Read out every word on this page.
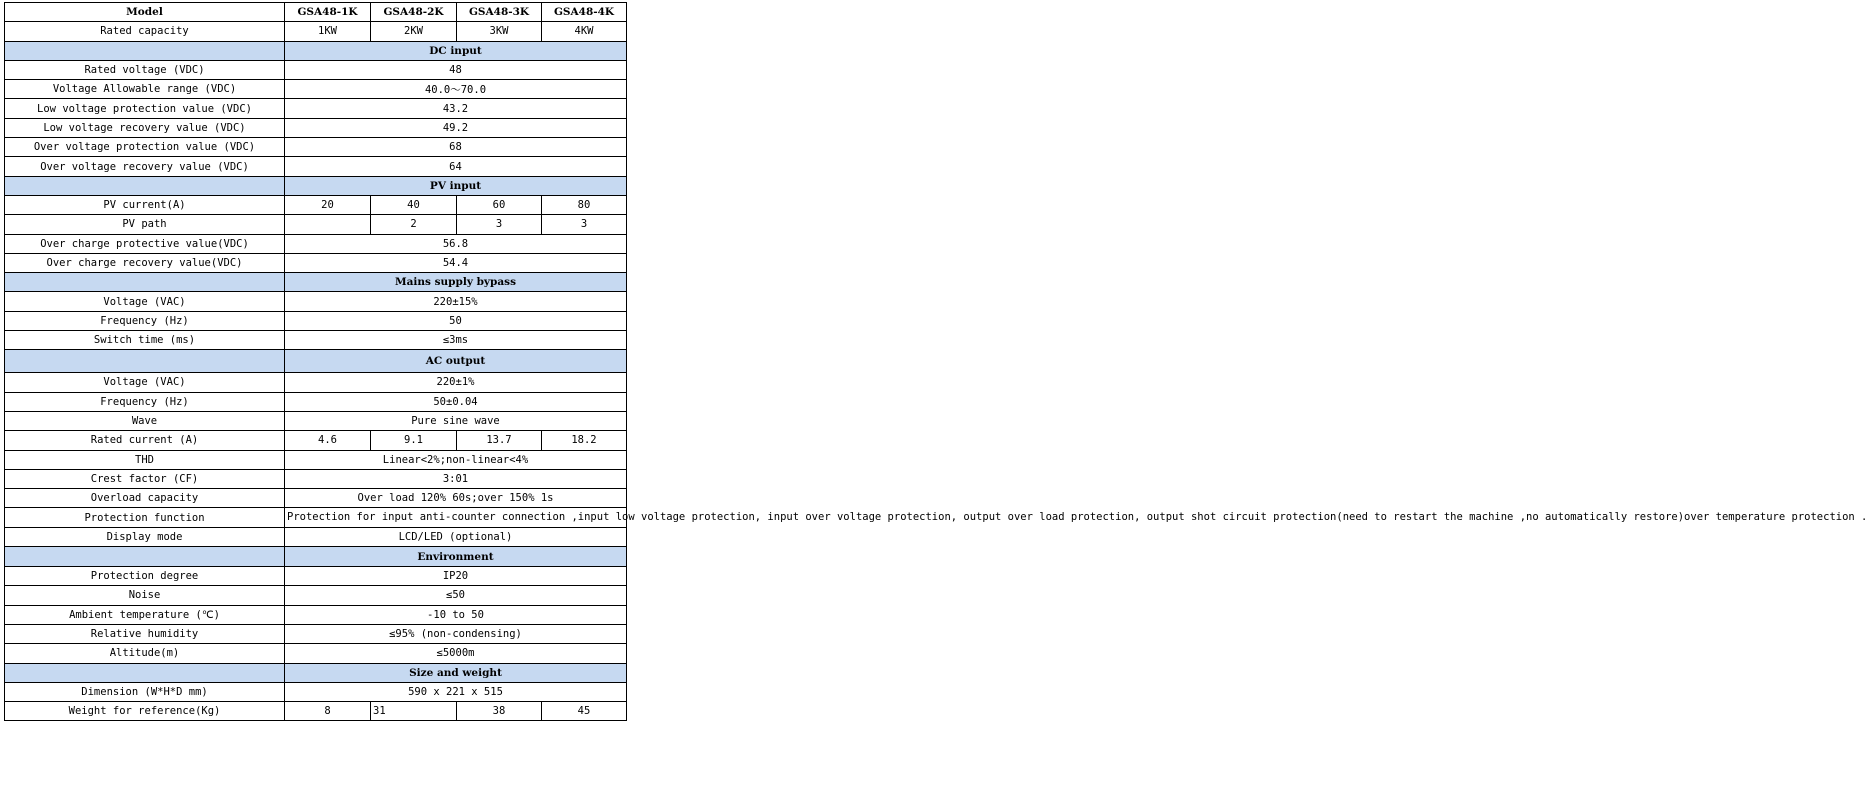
Model	GSA48-1K	GSA48-2K	GSA48-3K	GSA48-4K
Rated capacity	1KW	2KW	3KW	4KW
	DC input			
Rated voltage (VDC)	48			
Voltage Allowable range (VDC)	40.0～70.0			
Low voltage protection value (VDC)	43.2			
Low voltage recovery value (VDC)	49.2			
Over voltage protection value (VDC)	68			
Over voltage recovery value (VDC)	64			
	PV input			
PV current(A)	20	40	60	80
PV path		2	3	3
Over charge protective value(VDC)	56.8			
Over charge recovery value(VDC)	54.4			
	Mains supply bypass			
Voltage (VAC)	220±15%			
Frequency (Hz)	50			
Switch time (ms)	≤3ms			
	AC output			
Voltage (VAC)	220±1%			
Frequency (Hz)	50±0.04			
Wave	Pure sine wave			
Rated current (A)	4.6	9.1	13.7	18.2
THD	Linear<2%;non-linear<4%			
Crest factor (CF)	3:01			
Overload capacity	Over load 120% 60s;over 150% 1s			
Protection function	Protection for input anti-counter connection ,input low voltage protection, input over voltage protection, output over load protection, output shot circuit protection(need to restart the machine ,no automatically restore)over temperature protection .			
Display mode	LCD/LED (optional)			
	Environment			
Protection degree	IP20			
Noise	≤50			
Ambient temperature (℃)	-10 to 50			
Relative humidity	≤95% (non-condensing)			
Altitude(m)	≤5000m			
	Size and weight			
Dimension (W*H*D mm)	590 x 221 x 515			
Weight for reference(Kg)	8	31	38	45
